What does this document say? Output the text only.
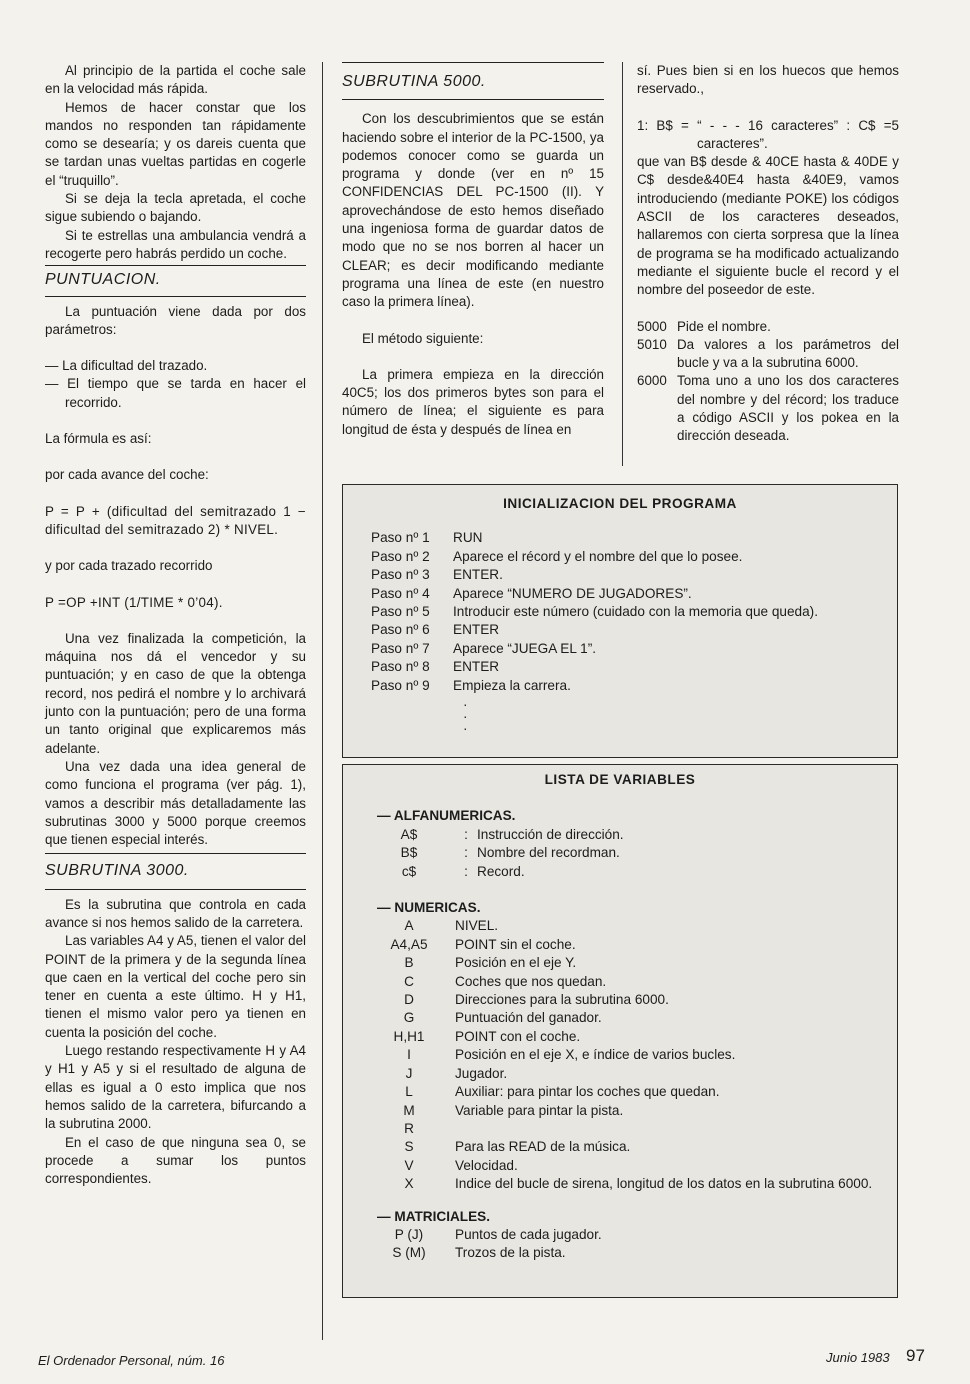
Al principio de la partida el coche sale en la velocidad más rápida.

Hemos de hacer constar que los mandos no responden tan rápidamente como se desearía; y os dareis cuenta que se tardan unas vueltas partidas en cogerle el “truquillo”.

Si se deja la tecla apretada, el coche sigue subiendo o bajando.

Si te estrellas una ambulancia vendrá a recogerte pero habrás perdido un coche.

PUNTUACION.

La puntuación viene dada por dos parámetros:

— La dificultad del trazado.

— El tiempo que se tarda en hacer el recorrido.

La fórmula es así:

por cada avance del coche:

P = P + (dificultad del semitrazado 1 − dificultad del semitrazado 2) * NIVEL.

y por cada trazado recorrido

P =OP +INT (1/TIME * 0’04).

Una vez finalizada la competición, la máquina nos dá el vencedor y su puntuación; y en caso de que la obtenga record, nos pedirá el nombre y lo archivará junto con la puntuación; pero de una forma un tanto original que explicaremos más adelante.

Una vez dada una idea general de como funciona el programa (ver pág. 1), vamos a describir más detalladamente las subrutinas 3000 y 5000 porque creemos que tienen especial interés.

SUBRUTINA 3000.

Es la subrutina que controla en cada avance si nos hemos salido de la carretera.

Las variables A4 y A5, tienen el valor del POINT de la primera y de la segunda línea que caen en la vertical del coche pero sin tener en cuenta a este último. H y H1, tienen el mismo valor pero ya tienen en cuenta la posición del coche.

Luego restando respectivamente H y A4 y H1 y A5 y si el resultado de alguna de ellas es igual a 0 esto implica que nos hemos salido de la carretera, bifurcando a la subrutina 2000.

En el caso de que ninguna sea 0, se procede a sumar los puntos correspondientes.

SUBRUTINA 5000.

Con los descubrimientos que se están haciendo sobre el interior de la PC-1500, ya podemos conocer como se guarda un programa y donde (ver en nº 15 CONFIDENCIAS DEL PC-1500 (II). Y aprovechándose de esto hemos diseñado una ingeniosa forma de guardar datos de modo que no se nos borren al hacer un CLEAR; es decir modificando mediante programa una línea de este (en nuestro caso la primera línea).

El método siguiente:

La primera empieza en la dirección 40C5; los dos primeros bytes son para el número de línea; el siguiente es para longitud de ésta y después de línea en

sí. Pues bien si en los huecos que hemos reservado.,

1: B$ = “ - - - 16 caracteres” : C$ =5 caracteres”.

que van B$ desde & 40CE hasta & 40DE y C$ desde&40E4 hasta &40E9, vamos introduciendo (mediante POKE) los códigos ASCII de los caracteres deseados, hallaremos con cierta sorpresa que la línea de programa se ha modificado actualizando mediante el siguiente bucle el record y el nombre del poseedor de este.

5000 Pide el nombre.
5010 Da valores a los parámetros del bucle y va a la subrutina 6000.
6000 Toma uno a uno los dos caracteres del nombre y del récord; los traduce a código ASCII y los pokea en la dirección deseada.
INICIALIZACION DEL PROGRAMA
Paso nº 1	RUN
Paso nº 2	Aparece el récord y el nombre del que lo posee.
Paso nº 3	ENTER.
Paso nº 4	Aparece “NUMERO DE JUGADORES”.
Paso nº 5	Introducir este número (cuidado con la memoria que queda).
Paso nº 6	ENTER
Paso nº 7	Aparece “JUEGA EL 1”.
Paso nº 8	ENTER
Paso nº 9	Empieza la carrera.
·
·
·
LISTA DE VARIABLES
— ALFANUMERICAS.
A$	: Instrucción de dirección.
B$	: Nombre del recordman.
c$	: Record.
— NUMERICAS.
A	NIVEL.
A4,A5	POINT sin el coche.
B	Posición en el eje Y.
C	Coches que nos quedan.
D	Direcciones para la subrutina 6000.
G	Puntuación del ganador.
H,H1	POINT con el coche.
I	Posición en el eje X, e índice de varios bucles.
J	Jugador.
L	Auxiliar: para pintar los coches que quedan.
M	Variable para pintar la pista.
R
S	Para las READ de la música.
V	Velocidad.
X	Indice del bucle de sirena, longitud de los datos en la subrutina 6000.
— MATRICIALES.
P (J)	Puntos de cada jugador.
S (M)	Trozos de la pista.
El Ordenador Personal, núm. 16	Junio 1983 97
